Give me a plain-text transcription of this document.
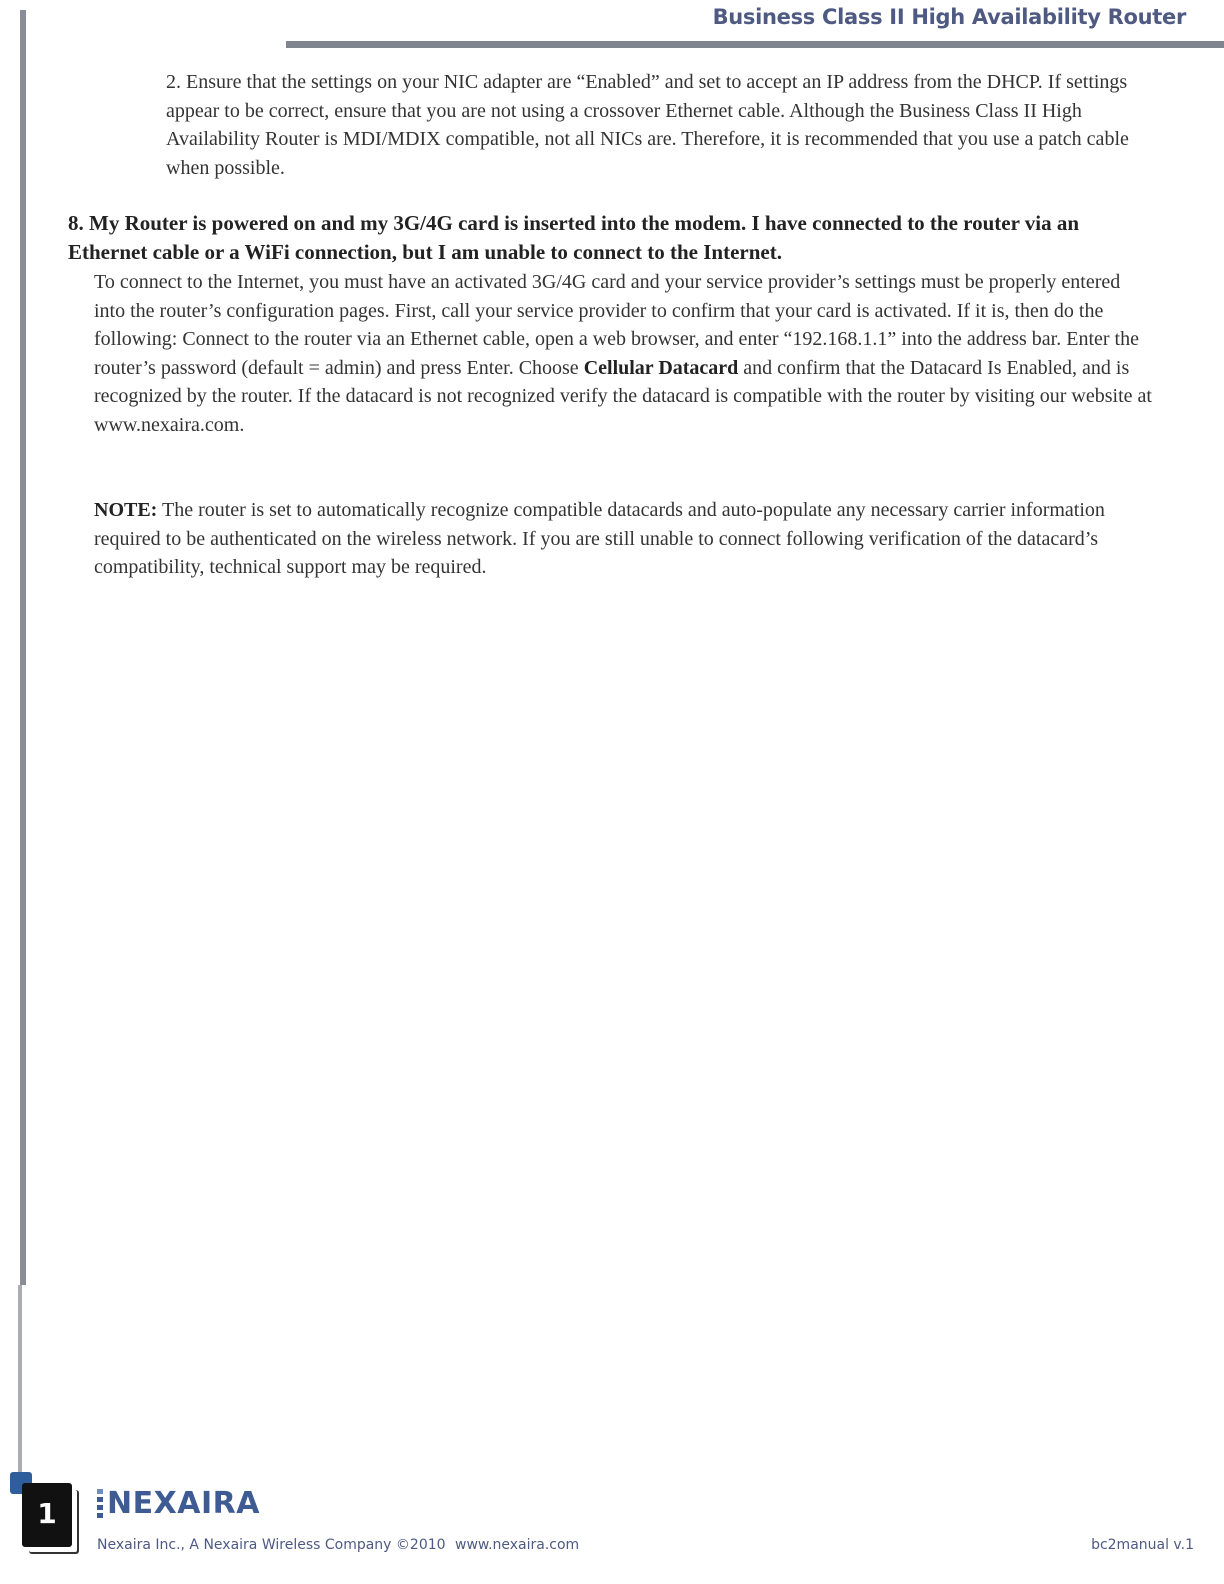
Business Class II High Availability Router

2. Ensure that the settings on your NIC adapter are “Enabled” and set to accept an IP address from the DHCP. If settings appear to be correct, ensure that you are not using a crossover Ethernet cable. Although the Business Class II High Availability Router is MDI/MDIX compatible, not all NICs are. Therefore, it is recommended that you use a patch cable when possible.

8. My Router is powered on and my 3G/4G card is inserted into the modem. I have connected to the router via an Ethernet cable or a WiFi connection, but I am unable to connect to the Internet.

To connect to the Internet, you must have an activated 3G/4G card and your service provider’s settings must be properly entered into the router’s configuration pages. First, call your service provider to confirm that your card is activated. If it is, then do the following: Connect to the router via an Ethernet cable, open a web browser, and enter “192.168.1.1” into the address bar. Enter the router’s password (default = admin) and press Enter. Choose Cellular Datacard and confirm that the Datacard Is Enabled, and is recognized by the router. If the datacard is not recognized verify the datacard is compatible with the router by visiting our website at www.nexaira.com.

NOTE: The router is set to automatically recognize compatible datacards and auto-populate any necessary carrier information required to be authenticated on the wireless network. If you are still unable to connect following verification of the datacard’s compatibility, technical support may be required.

1	NEXAIRA
Nexaira Inc., A Nexaira Wireless Company ©2010 www.nexaira.com	bc2manual v.1
